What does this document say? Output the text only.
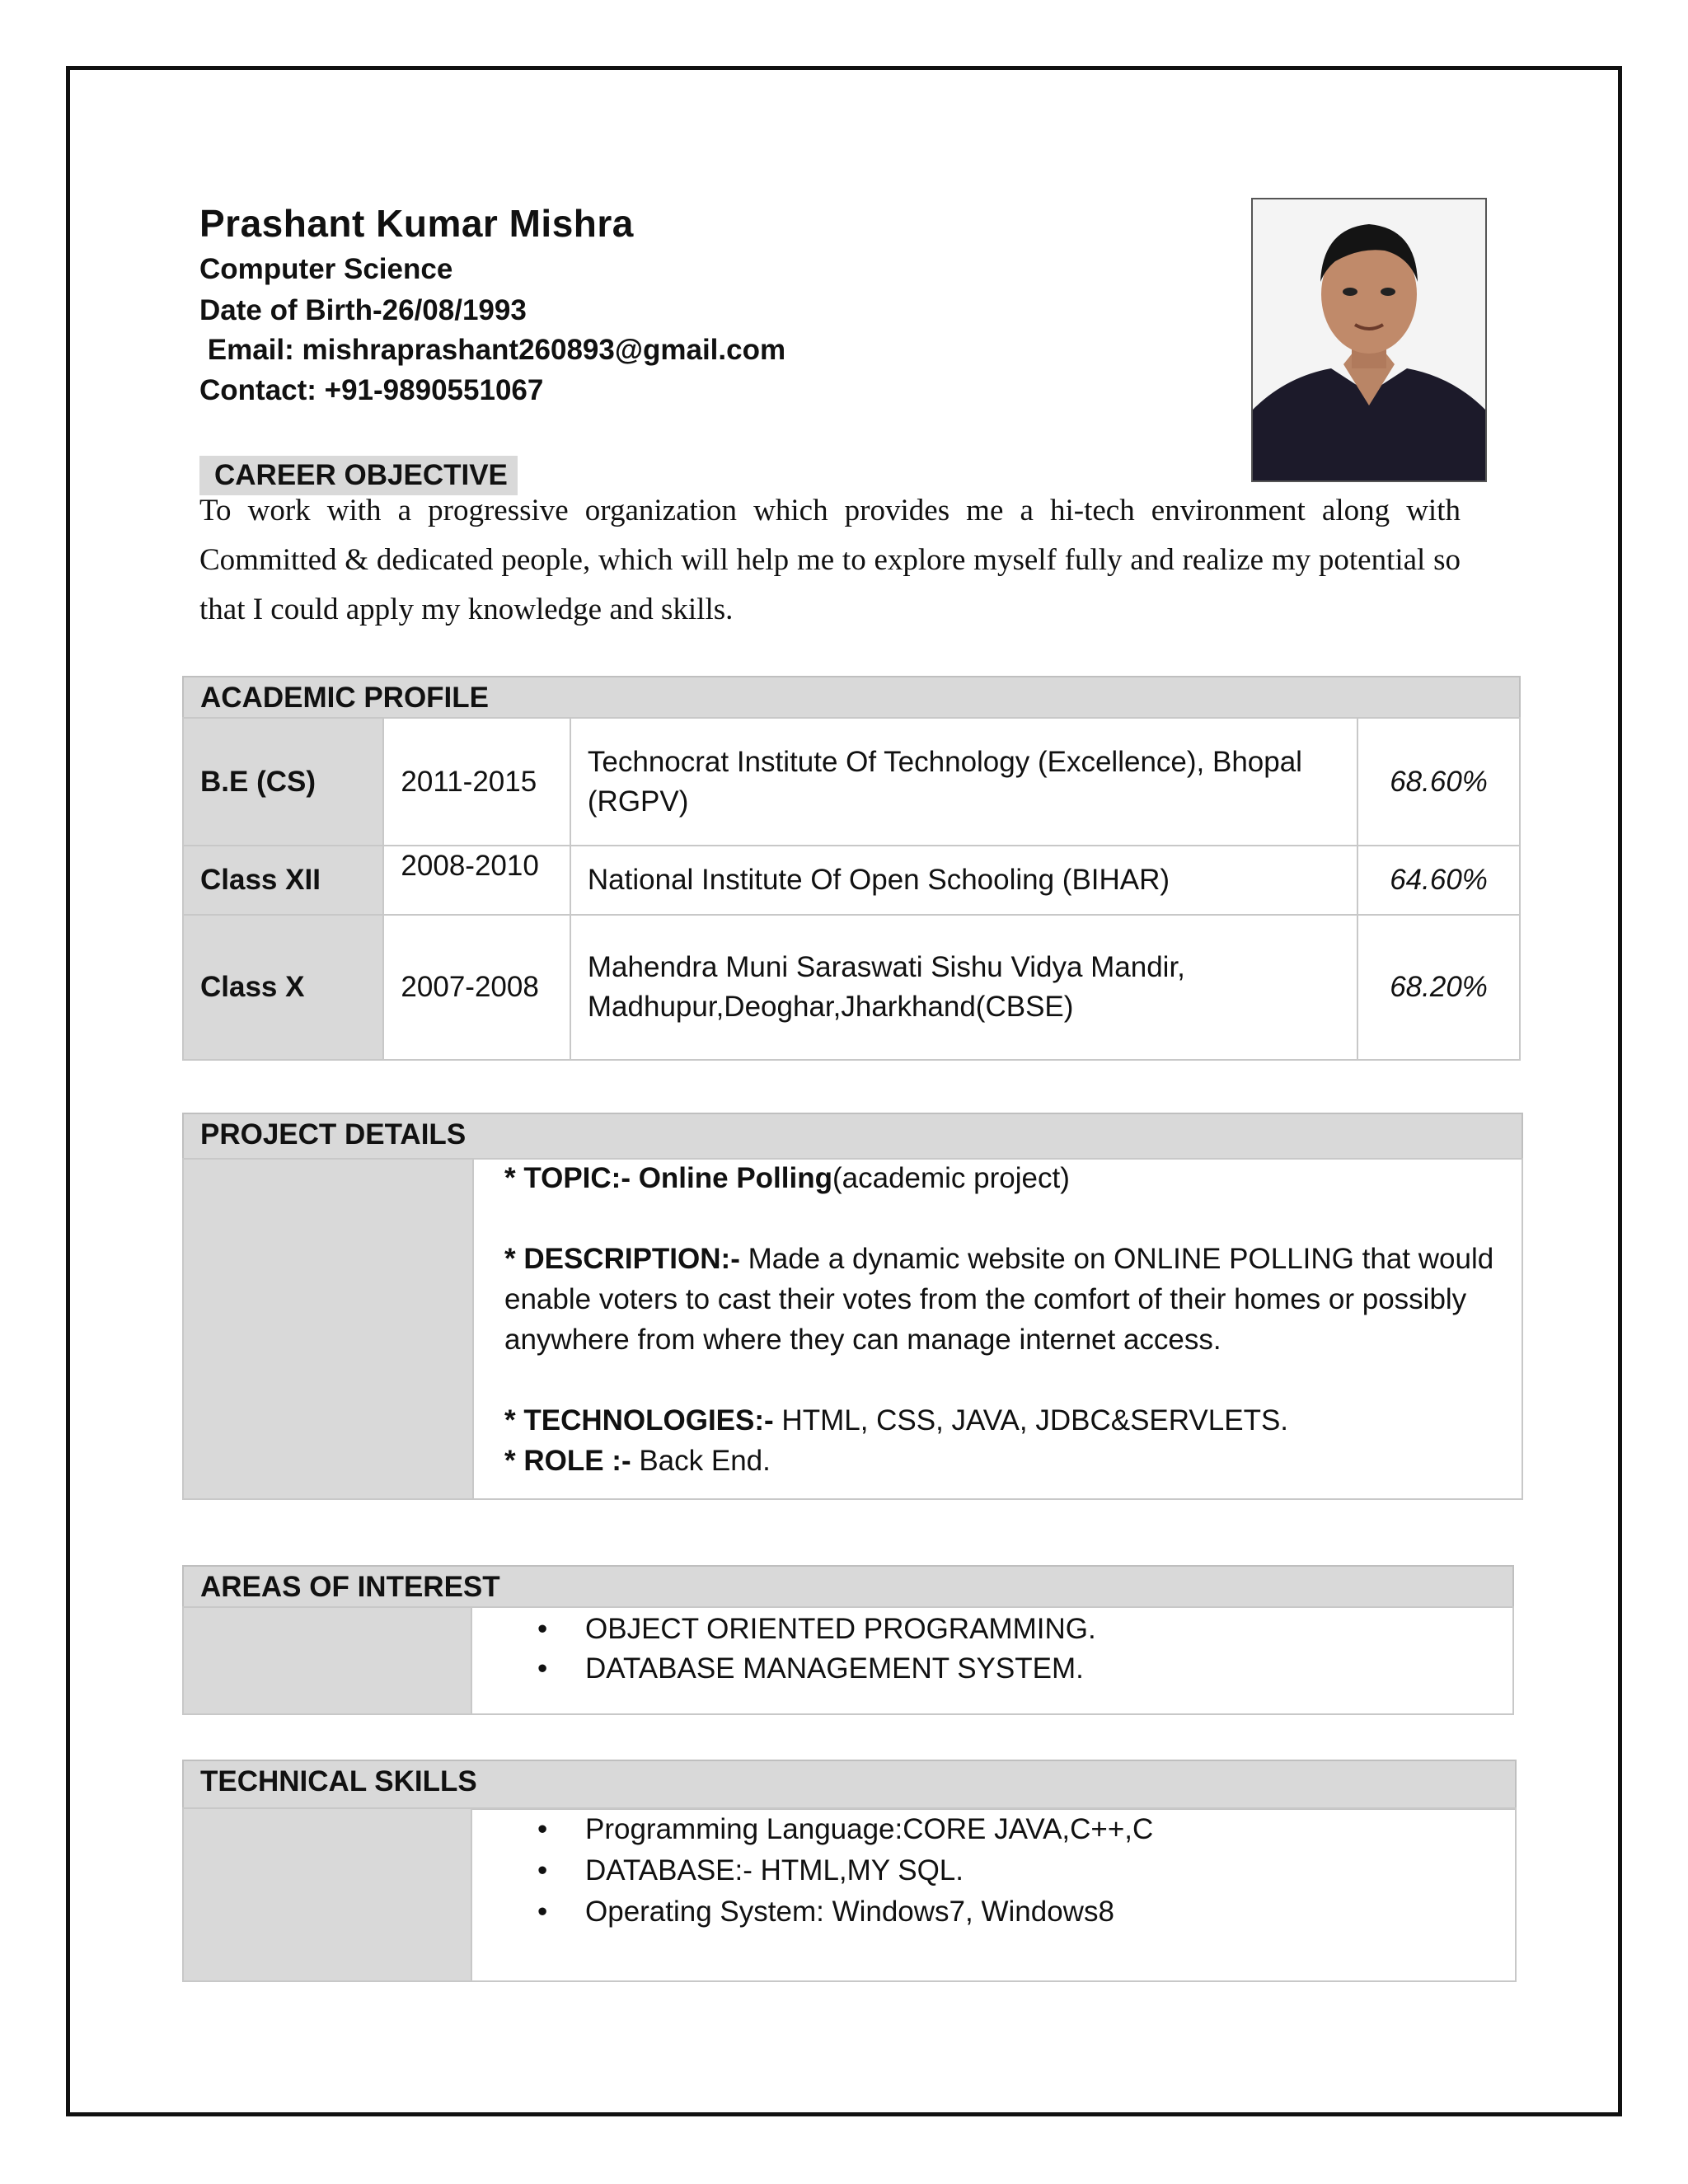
Prashant Kumar Mishra
Computer Science
Date of Birth-26/08/1993
Email: mishraprashant260893@gmail.com
Contact: +91-9890551067
CAREER OBJECTIVE
To work with a progressive organization which provides me a hi-tech environment along with Committed & dedicated people, which will help me to explore myself fully and realize my potential so that I could apply my knowledge and skills.
ACADEMIC PROFILE
B.E (CS)	2011-2015	Technocrat Institute Of Technology (Excellence), Bhopal (RGPV)	68.60%
Class XII	2008-2010	National Institute Of Open Schooling (BIHAR)	64.60%
Class X	2007-2008	Mahendra Muni Saraswati Sishu Vidya Mandir, Madhupur,Deoghar,Jharkhand(CBSE)	68.20%
PROJECT DETAILS

* TOPIC:- Online Polling(academic project)

* DESCRIPTION:- Made a dynamic website on ONLINE POLLING that would enable voters to cast their votes from the comfort of their homes or possibly anywhere from where they can manage internet access.

* TECHNOLOGIES:- HTML, CSS, JAVA, JDBC&SERVLETS.

* ROLE :- Back End.

AREAS OF INTEREST
• OBJECT ORIENTED PROGRAMMING.
• DATABASE MANAGEMENT SYSTEM.
TECHNICAL SKILLS
• Programming Language:CORE JAVA,C++,C
• DATABASE:- HTML,MY SQL.
• Operating System: Windows7, Windows8
